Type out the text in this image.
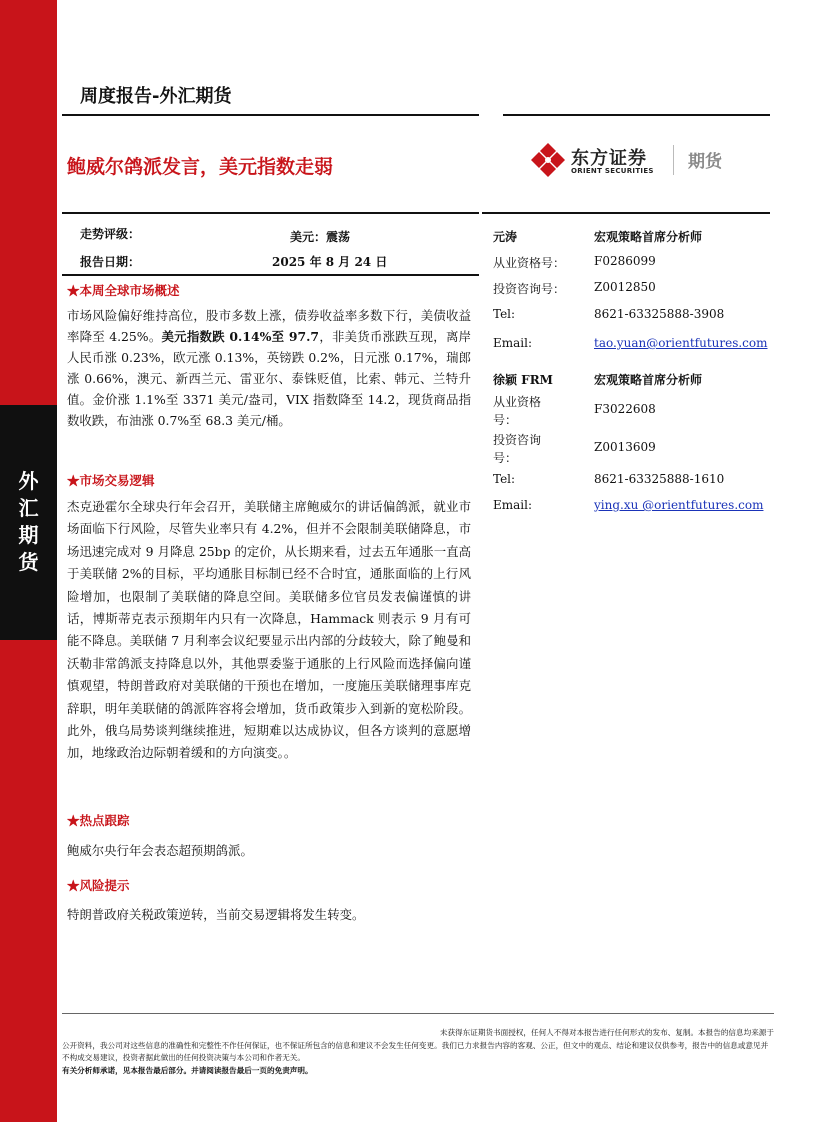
外
汇
期
货
周度报告-外汇期货
鲍威尔鸽派发言，美元指数走弱	东方证券
ORIENT SECURITIES 期货
走势评级：	美元：震荡
报告日期：	2025 年 8 月 24 日
★本周全球市场概述

市场风险偏好维持高位，股市多数上涨，债券收益率多数下行，美债收益率降至 4.25%。美元指数跌 0.14%至 97.7，非美货币涨跌互现，离岸人民币涨 0.23%，欧元涨 0.13%，英镑跌 0.2%，日元涨 0.17%，瑞郎涨 0.66%，澳元、新西兰元、雷亚尔、泰铢贬值，比索、韩元、兰特升值。金价涨 1.1%至 3371 美元/盎司，VIX 指数降至 14.2，现货商品指数收跌，布油涨 0.7%至 68.3 美元/桶。

★市场交易逻辑

杰克逊霍尔全球央行年会召开，美联储主席鲍威尔的讲话偏鸽派，就业市场面临下行风险，尽管失业率只有 4.2%，但并不会限制美联储降息，市场迅速完成对 9 月降息 25bp 的定价，从长期来看，过去五年通胀一直高于美联储 2%的目标，平均通胀目标制已经不合时宜，通胀面临的上行风险增加，也限制了美联储的降息空间。美联储多位官员发表偏谨慎的讲话，博斯蒂克表示预期年内只有一次降息，Hammack 则表示 9 月有可能不降息。美联储 7 月利率会议纪要显示出内部的分歧较大，除了鲍曼和沃勒非常鸽派支持降息以外，其他票委鉴于通胀的上行风险而选择偏向谨慎观望，特朗普政府对美联储的干预也在增加，一度施压美联储理事库克辞职，明年美联储的鸽派阵容将会增加，货币政策步入到新的宽松阶段。此外，俄乌局势谈判继续推进，短期难以达成协议，但各方谈判的意愿增加，地缘政治边际朝着缓和的方向演变。。

★热点跟踪

鲍威尔央行年会表态超预期鸽派。

★风险提示

特朗普政府关税政策逆转，当前交易逻辑将发生转变。

元涛	宏观策略首席分析师
从业资格号： F0286099
投资咨询号： Z0012850
Tel:	8621-63325888-3908
Email:	tao.yuan@orientfutures.com
徐颖 FRM	宏观策略首席分析师
从业资格
号：
F3022608
投资咨询
号：
Z0013609
Tel:	8621-63325888-1610
Email:	ying.xu @orientfutures.com

未获得东证期货书面授权，任何人不得对本报告进行任何形式的发布、复制。本报告的信息均来源于

公开资料，我公司对这些信息的准确性和完整性不作任何保证，也不保证所包含的信息和建议不会发生任何变更。我们已力求报告内容的客观、公正，但文中的观点、结论和建议仅供参考，报告中的信息或意见并不构成交易建议，投资者据此做出的任何投资决策与本公司和作者无关。

有关分析师承诺，见本报告最后部分。并请阅读报告最后一页的免责声明。
